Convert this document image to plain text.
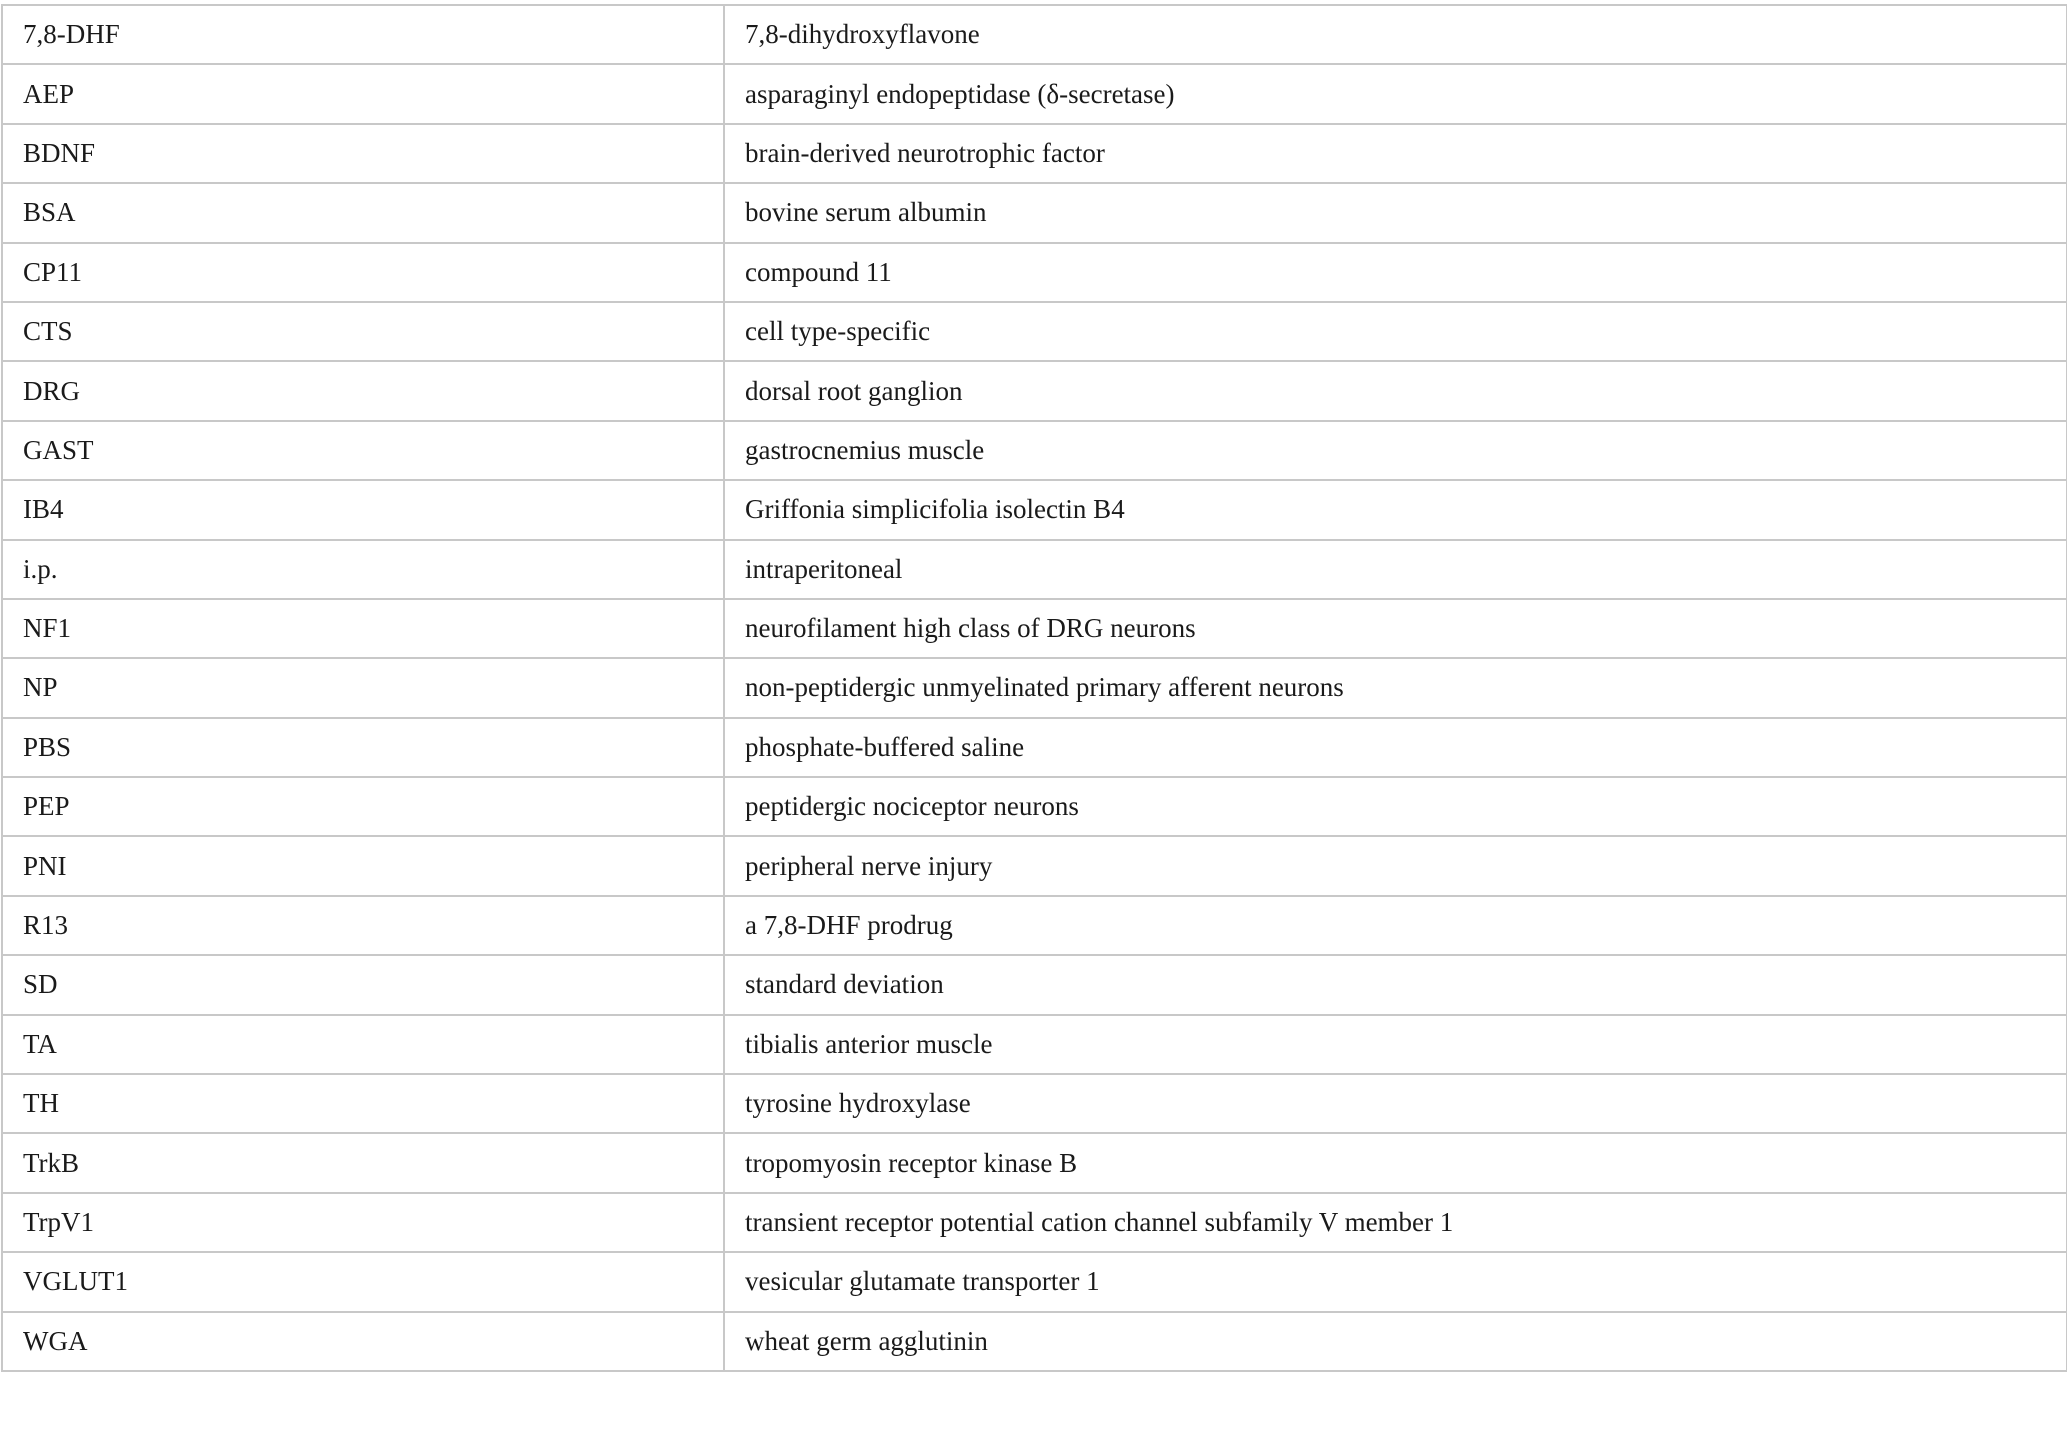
7,8-DHF	7,8-dihydroxyflavone
AEP	asparaginyl endopeptidase (δ-secretase)
BDNF	brain-derived neurotrophic factor
BSA	bovine serum albumin
CP11	compound 11
CTS	cell type-specific
DRG	dorsal root ganglion
GAST	gastrocnemius muscle
IB4	Griffonia simplicifolia isolectin B4
i.p.	intraperitoneal
NF1	neurofilament high class of DRG neurons
NP	non-peptidergic unmyelinated primary afferent neurons
PBS	phosphate-buffered saline
PEP	peptidergic nociceptor neurons
PNI	peripheral nerve injury
R13	a 7,8-DHF prodrug
SD	standard deviation
TA	tibialis anterior muscle
TH	tyrosine hydroxylase
TrkB	tropomyosin receptor kinase B
TrpV1	transient receptor potential cation channel subfamily V member 1
VGLUT1	vesicular glutamate transporter 1
WGA	wheat germ agglutinin
